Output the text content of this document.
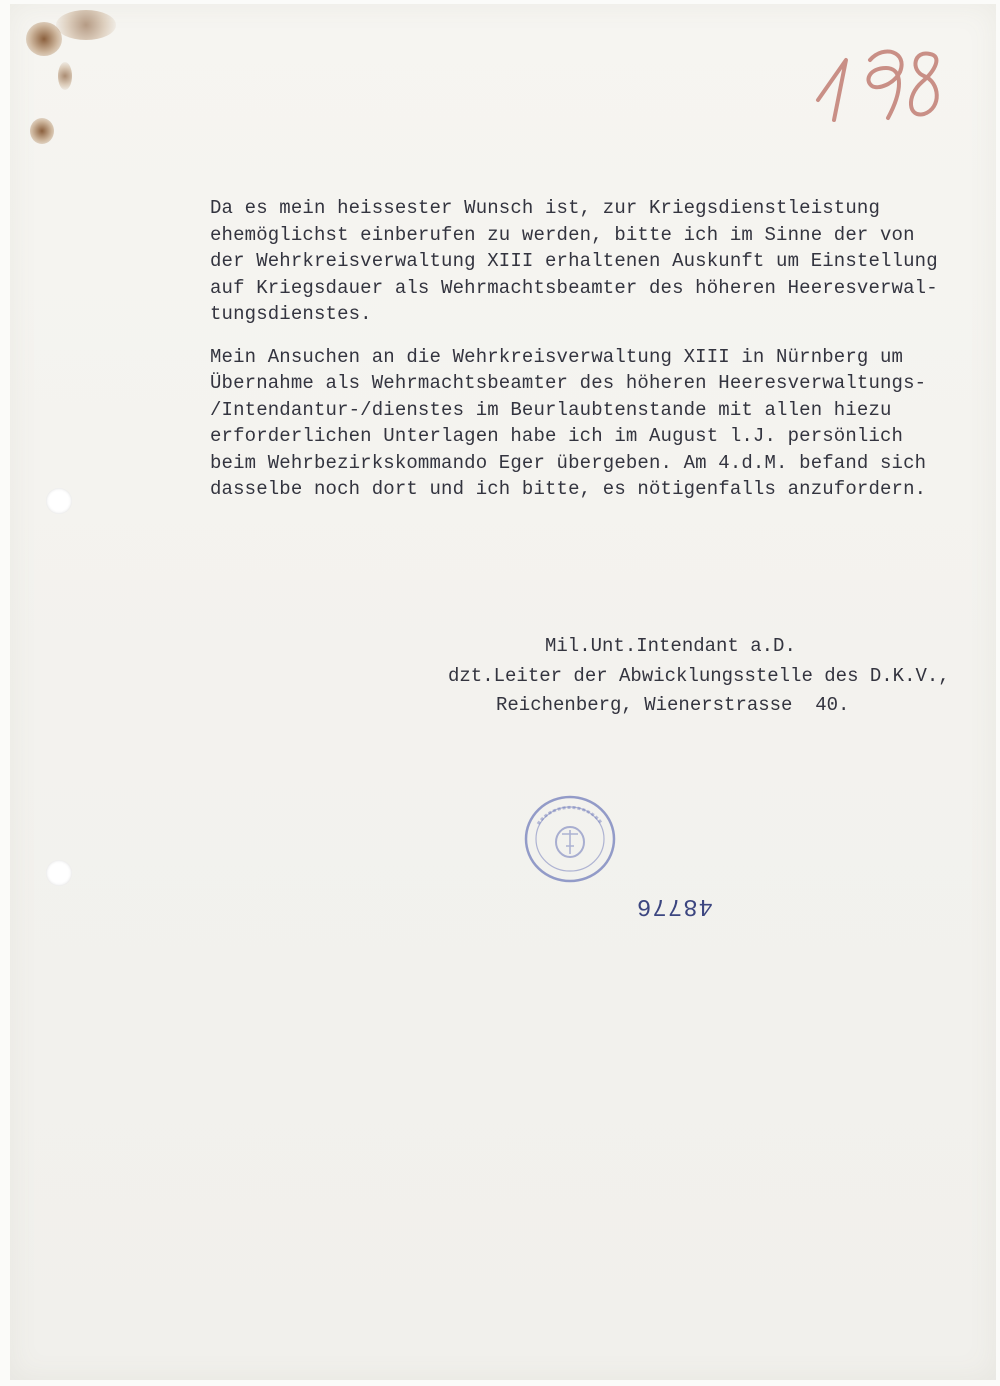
Da es mein heissester Wunsch ist, zur Kriegsdienstleistung
ehemöglichst einberufen zu werden, bitte ich im Sinne der von
der Wehrkreisverwaltung XIII erhaltenen Auskunft um Einstellung
auf Kriegsdauer als Wehrmachtsbeamter des höheren Heeresverwal-
tungsdienstes.

Mein Ansuchen an die Wehrkreisverwaltung XIII in Nürnberg um
Übernahme als Wehrmachtsbeamter des höheren Heeresverwaltungs-
/Intendantur-/dienstes im Beurlaubtenstande mit allen hiezu
erforderlichen Unterlagen habe ich im August l.J. persönlich
beim Wehrbezirkskommando Eger übergeben. Am 4.d.M. befand sich
dasselbe noch dort und ich bitte, es nötigenfalls anzufordern.

Mil.Unt.Intendant a.D.
dzt.Leiter der Abwicklungsstelle des D.K.V.,
Reichenberg, Wienerstrasse  40.
48776
